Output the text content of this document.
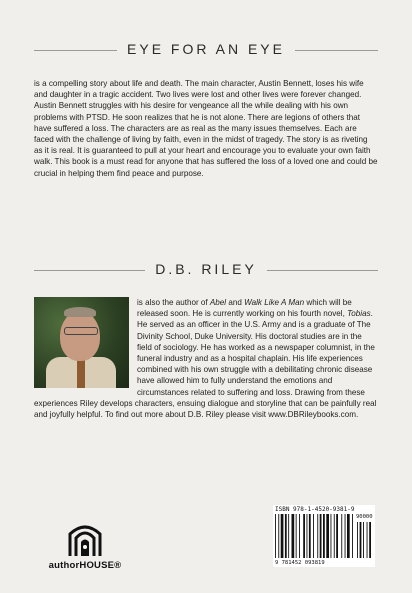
EYE FOR AN EYE
is a compelling story about life and death. The main character, Austin Bennett, loses his wife and daughter in a tragic accident. Two lives were lost and other lives were forever changed. Austin Bennett struggles with his desire for vengeance all the while dealing with his own problems with PTSD. He soon realizes that he is not alone. There are legions of others that have suffered a loss. The characters are as real as the many issues themselves. Each are faced with the challenge of living by faith, even in the midst of tragedy. The story is as riveting as it is real. It is guaranteed to pull at your heart and encourage you to evaluate your own faith walk. This book is a must read for anyone that has suffered the loss of a loved one and could be crucial in helping them find peace and purpose.
D.B. RILEY
is also the author of Abel and Walk Like A Man which will be released soon. He is currently working on his fourth novel, Tobias. He served as an officer in the U.S. Army and is a graduate of The Divinity School, Duke University. His doctoral studies are in the field of sociology. He has worked as a newspaper columnist, in the funeral industry and as a hospital chaplain. His life experiences combined with his own struggle with a debilitating chronic disease have allowed him to fully understand the emotions and circumstances related to suffering and loss. Drawing from these experiences Riley develops characters, ensuing dialogue and storyline that can be painfully real and joyfully helpful. To find out more about D.B. Riley please visit www.DBRileybooks.com.
authorHOUSE®
ISBN 978-1-4520-9381-9
90000
9 781452 093819
